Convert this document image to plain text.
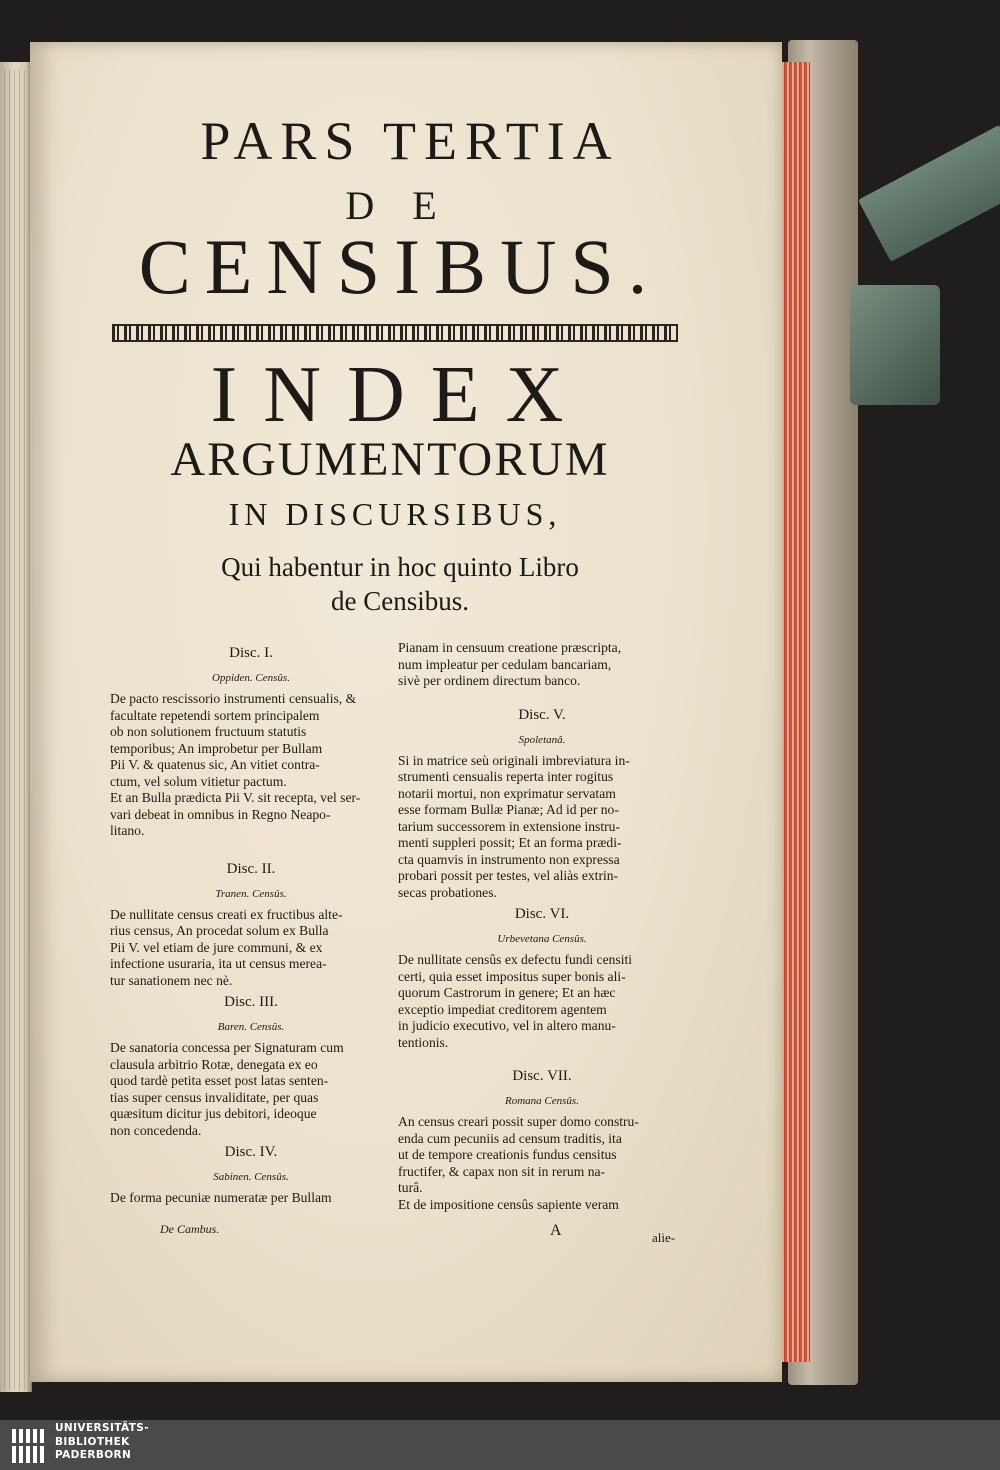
PARS TERTIA
DE
CENSIBUS.
INDEX
ARGUMENTORUM
IN DISCURSIBUS,
Qui habentur in hoc quinto Libro
de Censibus.
Disc. I.
Oppiden. Censûs.
De pacto rescissorio instrumenti censualis, &
facultate repetendi sortem principalem
ob non solutionem fructuum statutis
temporibus; An improbetur per Bullam
Pii V. & quatenus sic, An vitiet contra-
ctum, vel solum vitietur pactum.
Et an Bulla prædicta Pii V. sit recepta, vel ser-
vari debeat in omnibus in Regno Neapo-
litano.
Disc. II.
Tranen. Censûs.
De nullitate census creati ex fructibus alte-
rius census, An procedat solum ex Bulla
Pii V. vel etiam de jure communi, & ex
infectione usuraria, ita ut census merea-
tur sanationem nec nè.
Disc. III.
Baren. Censûs.
De sanatoria concessa per Signaturam cum
clausula arbitrio Rotæ, denegata ex eo
quod tardè petita esset post latas senten-
tias super census invaliditate, per quas
quæsitum dicitur jus debitori, ideoque
non concedenda.
Disc. IV.
Sabinen. Censûs.
De forma pecuniæ numeratæ per Bullam
De Cambus.
Pianam in censuum creatione præscripta,
num impleatur per cedulam bancariam,
sivè per ordinem directum banco.
Disc. V.
Spoletanâ.
Si in matrice seù originali imbreviatura in-
strumenti censualis reperta inter rogitus
notarii mortui, non exprimatur servatam
esse formam Bullæ Pianæ; Ad id per no-
tarium successorem in extensione instru-
menti suppleri possit; Et an forma prædi-
cta quamvis in instrumento non expressa
probari possit per testes, vel aliàs extrin-
secas probationes.
Disc. VI.
Urbevetana Censûs.
De nullitate censûs ex defectu fundi censiti
certi, quia esset impositus super bonis ali-
quorum Castrorum in genere; Et an hæc
exceptio impediat creditorem agentem
in judicio executivo, vel in altero manu-
tentionis.
Disc. VII.
Romana Censûs.
An census creari possit super domo constru-
enda cum pecuniis ad censum traditis, ita
ut de tempore creationis fundus censitus
fructifer, & capax non sit in rerum na-
turâ.
Et de impositione censûs sapiente veram
A	alie-
UNIVERSITÄTS-
BIBLIOTHEK
PADERBORN
